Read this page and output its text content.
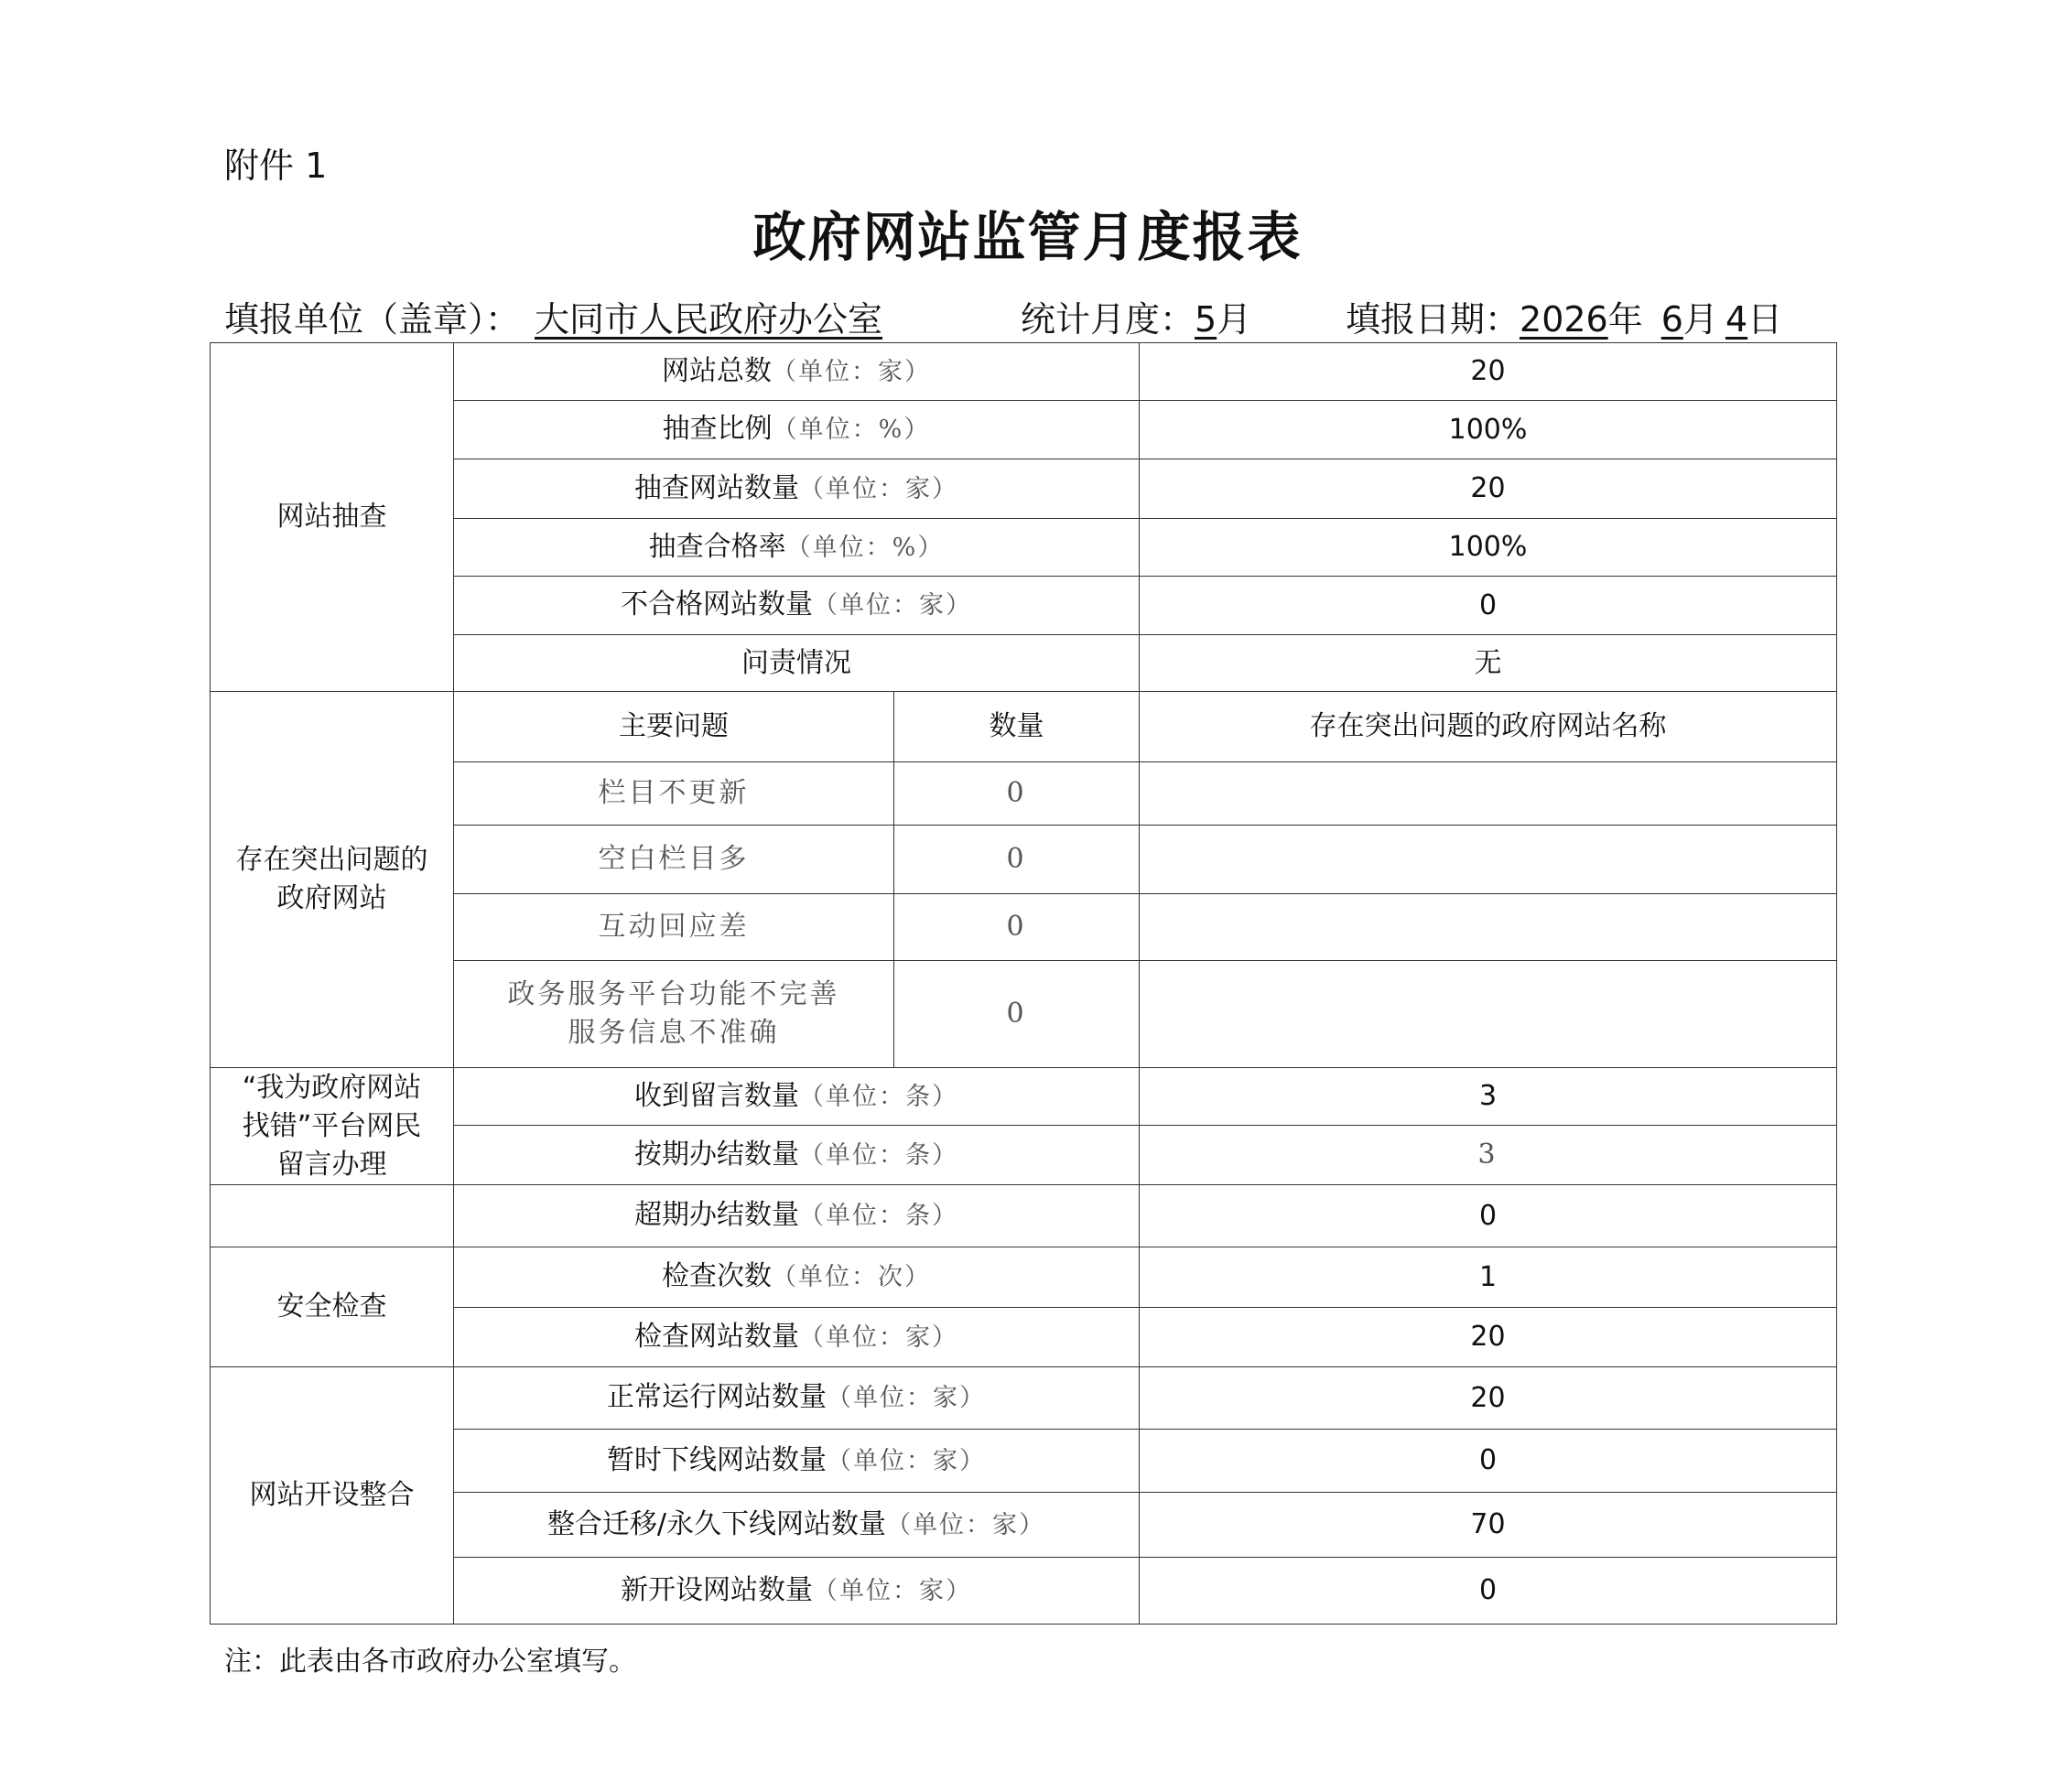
附件 1
政府网站监管月度报表
填报单位（盖章）： 大同市人民政府办公室	统计月度：5月	填报日期：2026年 6月 4日
网站抽查	网站总数（单位：家）		20
	抽查比例（单位：%）		100%
	抽查网站数量（单位：家）		20
	抽查合格率（单位：%）		100%
	不合格网站数量（单位：家）		0
	问责情况		无
存在突出问题的
政府网站	主要问题	数量	存在突出问题的政府网站名称
	栏目不更新	0	
	空白栏目多	0	
	互动回应差	0	
	政务服务平台功能不完善
服务信息不准确	0	
“我为政府网站
找错”平台网民
留言办理	收到留言数量（单位：条）		3
	按期办结数量（单位：条）		3
	超期办结数量（单位：条）		0
安全检查	检查次数（单位：次）		1
	检查网站数量（单位：家）		20
网站开设整合	正常运行网站数量（单位：家）		20
	暂时下线网站数量（单位：家）		0
	整合迁移/永久下线网站数量（单位：家）		70
	新开设网站数量（单位：家）		0
注：此表由各市政府办公室填写。
